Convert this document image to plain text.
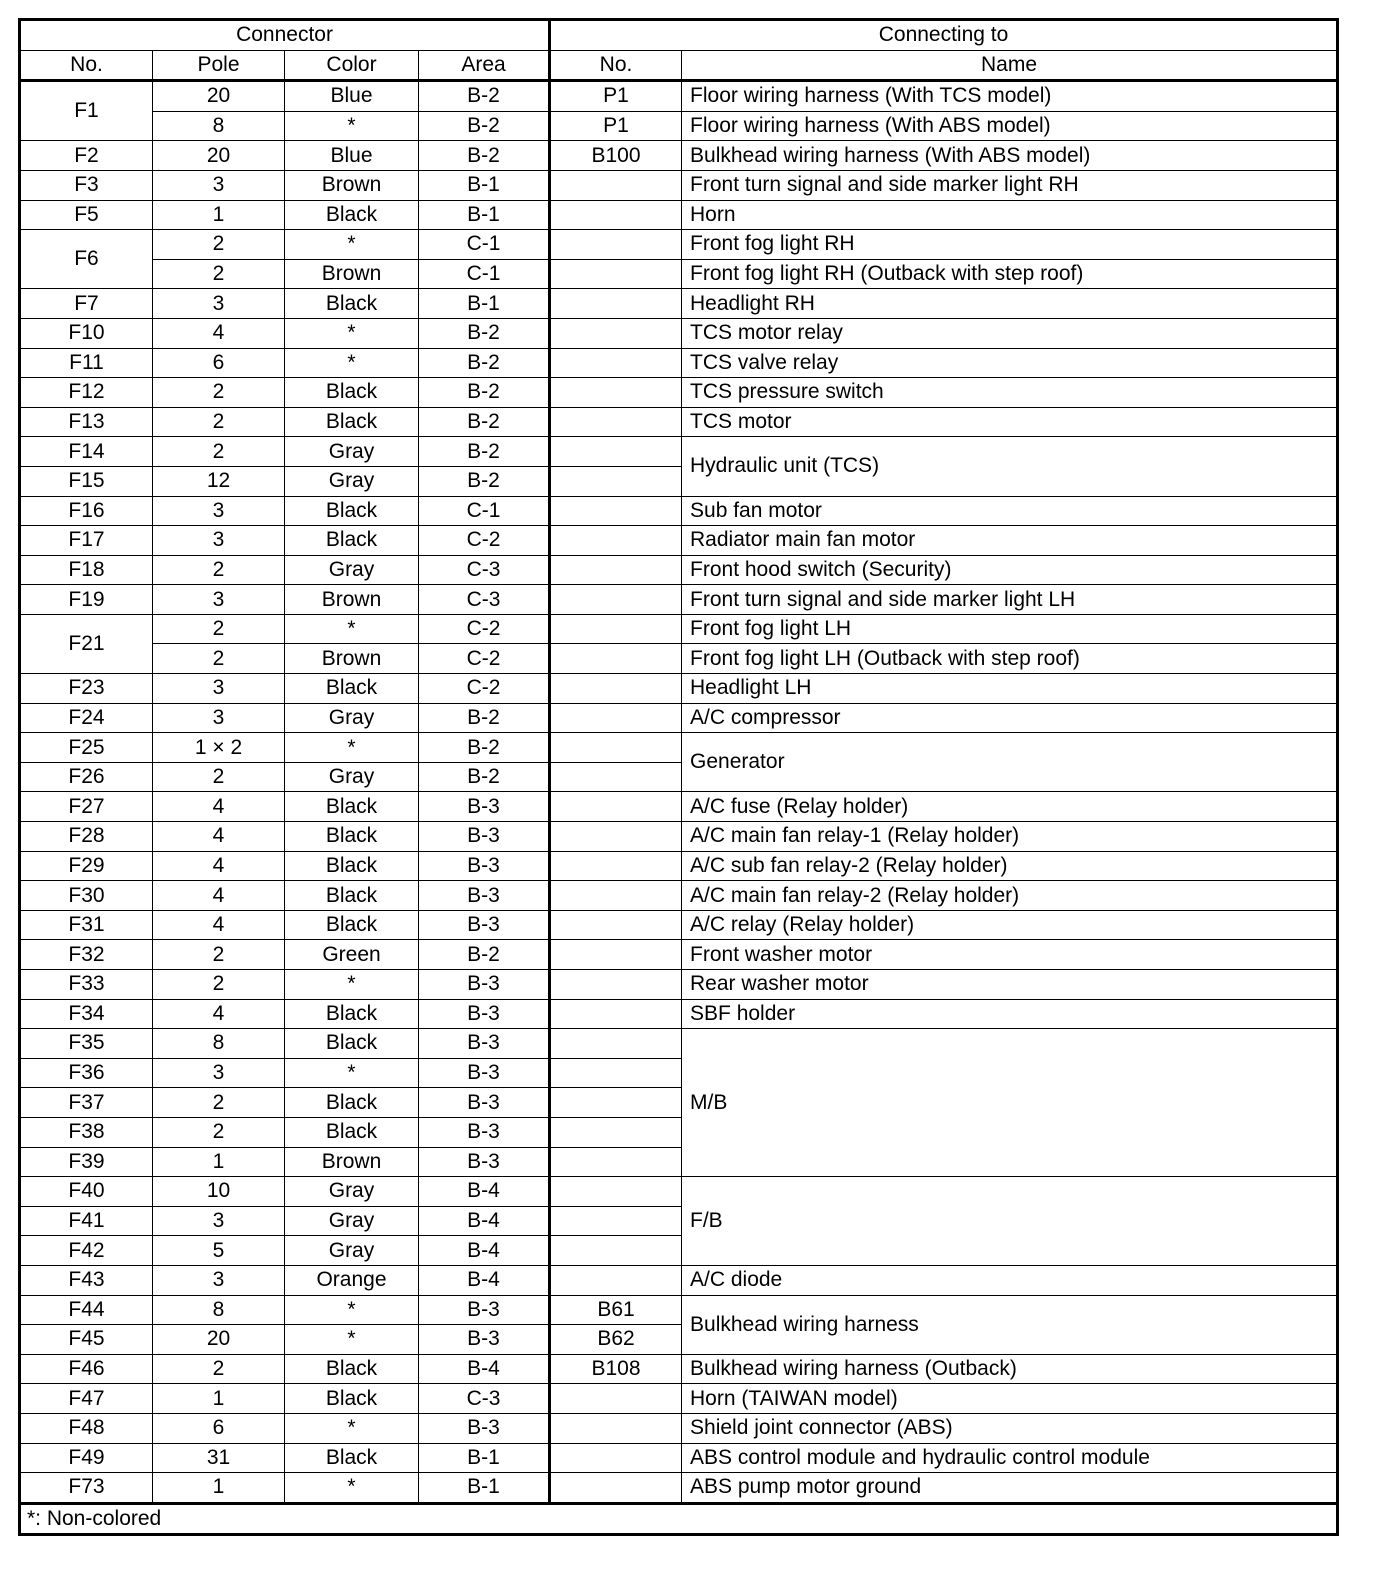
Connector				Connecting to	
No.	Pole	Color	Area	No.	Name
F1	20	Blue	B-2	P1	Floor wiring harness (With TCS model)
	8	*	B-2	P1	Floor wiring harness (With ABS model)
F2	20	Blue	B-2	B100	Bulkhead wiring harness (With ABS model)
F3	3	Brown	B-1		Front turn signal and side marker light RH
F5	1	Black	B-1		Horn
F6	2	*	C-1		Front fog light RH
	2	Brown	C-1		Front fog light RH (Outback with step roof)
F7	3	Black	B-1		Headlight RH
F10	4	*	B-2		TCS motor relay
F11	6	*	B-2		TCS valve relay
F12	2	Black	B-2		TCS pressure switch
F13	2	Black	B-2		TCS motor
F14	2	Gray	B-2		Hydraulic unit (TCS)
F15	12	Gray	B-2		
F16	3	Black	C-1		Sub fan motor
F17	3	Black	C-2		Radiator main fan motor
F18	2	Gray	C-3		Front hood switch (Security)
F19	3	Brown	C-3		Front turn signal and side marker light LH
F21	2	*	C-2		Front fog light LH
	2	Brown	C-2		Front fog light LH (Outback with step roof)
F23	3	Black	C-2		Headlight LH
F24	3	Gray	B-2		A/C compressor
F25	1 × 2	*	B-2		Generator
F26	2	Gray	B-2		
F27	4	Black	B-3		A/C fuse (Relay holder)
F28	4	Black	B-3		A/C main fan relay-1 (Relay holder)
F29	4	Black	B-3		A/C sub fan relay-2 (Relay holder)
F30	4	Black	B-3		A/C main fan relay-2 (Relay holder)
F31	4	Black	B-3		A/C relay (Relay holder)
F32	2	Green	B-2		Front washer motor
F33	2	*	B-3		Rear washer motor
F34	4	Black	B-3		SBF holder
F35	8	Black	B-3		M/B
F36	3	*	B-3		
F37	2	Black	B-3		
F38	2	Black	B-3		
F39	1	Brown	B-3		
F40	10	Gray	B-4		F/B
F41	3	Gray	B-4		
F42	5	Gray	B-4		
F43	3	Orange	B-4		A/C diode
F44	8	*	B-3	B61	Bulkhead wiring harness
F45	20	*	B-3	B62	
F46	2	Black	B-4	B108	Bulkhead wiring harness (Outback)
F47	1	Black	C-3		Horn (TAIWAN model)
F48	6	*	B-3		Shield joint connector (ABS)
F49	31	Black	B-1		ABS control module and hydraulic control module
F73	1	*	B-1		ABS pump motor ground
*: Non-colored					
